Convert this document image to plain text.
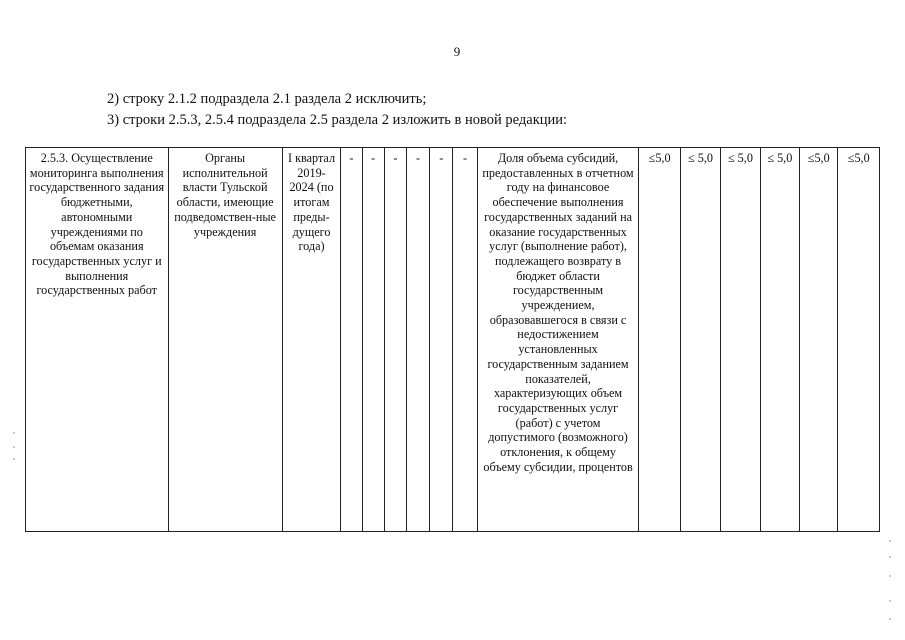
9
2) строку 2.1.2 подраздела 2.1 раздела 2 исключить;
3) строки 2.5.3, 2.5.4 подраздела 2.5 раздела 2 изложить в новой редакции:
2.5.3. Осуществление мониторинга выполнения государственного задания бюджетными, автономными учреждениями по объемам оказания государственных услуг и выполнения государственных работ	Органы исполнительной власти Тульской области, имеющие подведомствен-ные учреждения	I квартал 2019-2024 (по итогам преды-дущего года)	-	-	-	-	-	-	Доля объема субсидий, предоставленных в отчетном году на финансовое обеспечение выполнения государственных заданий на оказание государственных услуг (выполнение работ), подлежащего возврату в бюджет области государственным учреждением, образовавшегося в связи с недостижением установленных государственным заданием показателей, характеризующих объем государственных услуг (работ) с учетом допустимого (возможного) отклонения, к общему объему субсидии, процентов	≤5,0	≤ 5,0	≤ 5,0	≤ 5,0	≤5,0	≤5,0
